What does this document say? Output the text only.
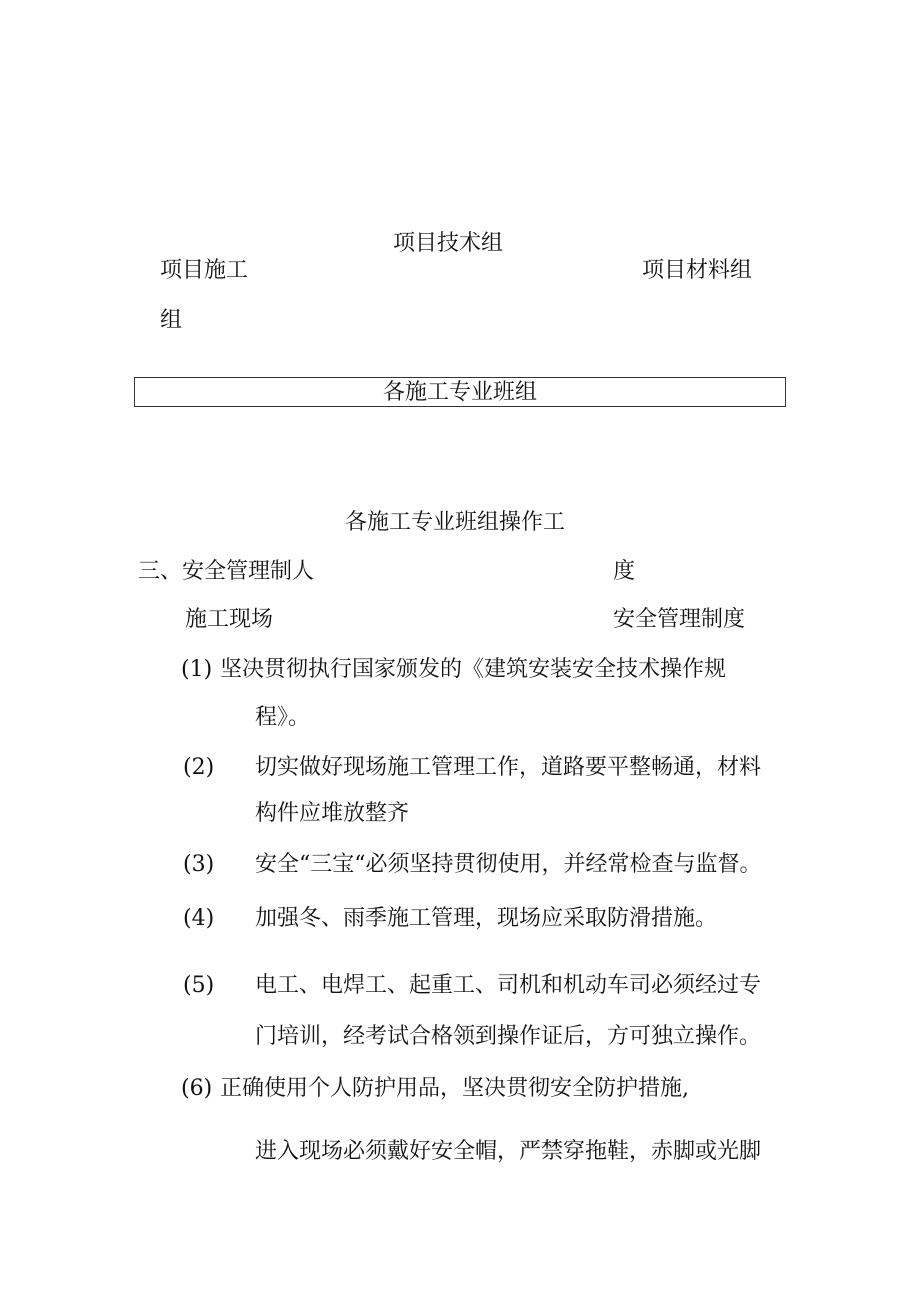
项目技术组
项目施工	项目材料组
组
各施工专业班组
各施工专业班组操作工
三、安全管理制人	度
施工现场	安全管理制度
(1) 坚决贯彻执行国家颁发的《建筑安装安全技术操作规
程》。
(2) 切实做好现场施工管理工作，道路要平整畅通，材料
构件应堆放整齐
(3) 安全“三宝“必须坚持贯彻使用，并经常检查与监督。
(4) 加强冬、雨季施工管理，现场应采取防滑措施。
(5) 电工、电焊工、起重工、司机和机动车司必须经过专
门培训，经考试合格领到操作证后，方可独立操作。
(6) 正确使用个人防护用品，坚决贯彻安全防护措施,
进入现场必须戴好安全帽，严禁穿拖鞋，赤脚或光脚
